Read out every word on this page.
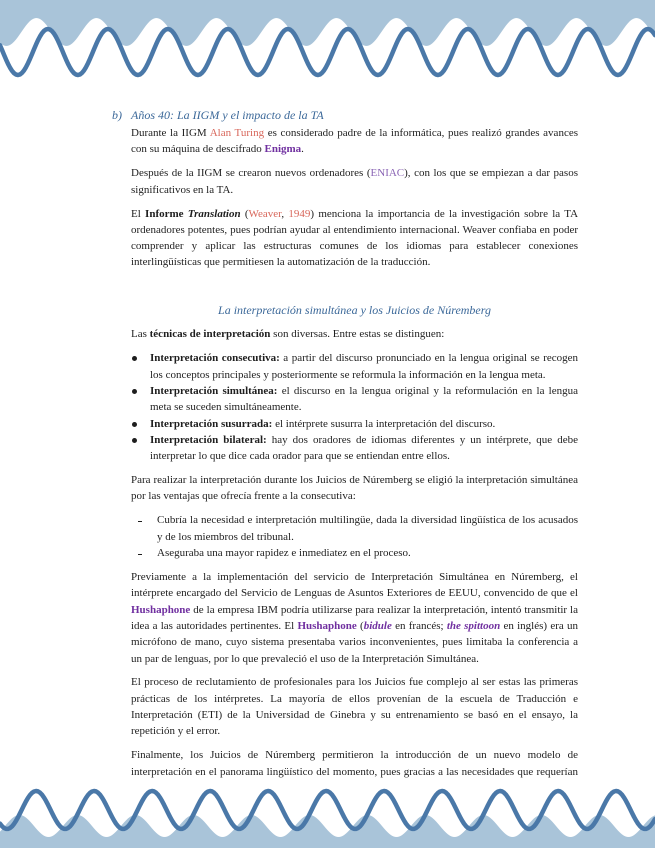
b) Años 40: La IIGM y el impacto de la TA

Durante la IIGM Alan Turing es considerado padre de la informática, pues realizó grandes avances con su máquina de descifrado Enigma.

Después de la IIGM se crearon nuevos ordenadores (ENIAC), con los que se empiezan a dar pasos significativos en la TA.

El Informe Translation (Weaver, 1949) menciona la importancia de la investigación sobre la TA ordenadores potentes, pues podrían ayudar al entendimiento internacional. Weaver confiaba en poder comprender y aplicar las estructuras comunes de los idiomas para establecer conexiones interlingüísticas que permitiesen la automatización de la traducción.

La interpretación simultánea y los Juicios de Núremberg

Las técnicas de interpretación son diversas. Entre estas se distinguen:

Interpretación consecutiva: a partir del discurso pronunciado en la lengua original se recogen los conceptos principales y posteriormente se reformula la información en la lengua meta.
Interpretación simultánea: el discurso en la lengua original y la reformulación en la lengua meta se suceden simultáneamente.
Interpretación susurrada: el intérprete susurra la interpretación del discurso.
Interpretación bilateral: hay dos oradores de idiomas diferentes y un intérprete, que debe interpretar lo que dice cada orador para que se entiendan entre ellos.

Para realizar la interpretación durante los Juicios de Núremberg se eligió la interpretación simultánea por las ventajas que ofrecía frente a la consecutiva:

Cubría la necesidad e interpretación multilingüe, dada la diversidad lingüística de los acusados y de los miembros del tribunal.
Aseguraba una mayor rapidez e inmediatez en el proceso.

Previamente a la implementación del servicio de Interpretación Simultánea en Núremberg, el intérprete encargado del Servicio de Lenguas de Asuntos Exteriores de EEUU, convencido de que el Hushaphone de la empresa IBM podría utilizarse para realizar la interpretación, intentó transmitir la idea a las autoridades pertinentes. El Hushaphone (bidule en francés; the spittoon en inglés) era un micrófono de mano, cuyo sistema presentaba varios inconvenientes, pues limitaba la conferencia a un par de lenguas, por lo que prevaleció el uso de la Interpretación Simultánea.

El proceso de reclutamiento de profesionales para los Juicios fue complejo al ser estas las primeras prácticas de los intérpretes. La mayoría de ellos provenían de la escuela de Traducción e Interpretación (ETI) de la Universidad de Ginebra y su entrenamiento se basó en el ensayo, la repetición y el error.

Finalmente, los Juicios de Núremberg permitieron la introducción de un nuevo modelo de interpretación en el panorama lingüístico del momento, pues gracias a las necesidades que requerían
